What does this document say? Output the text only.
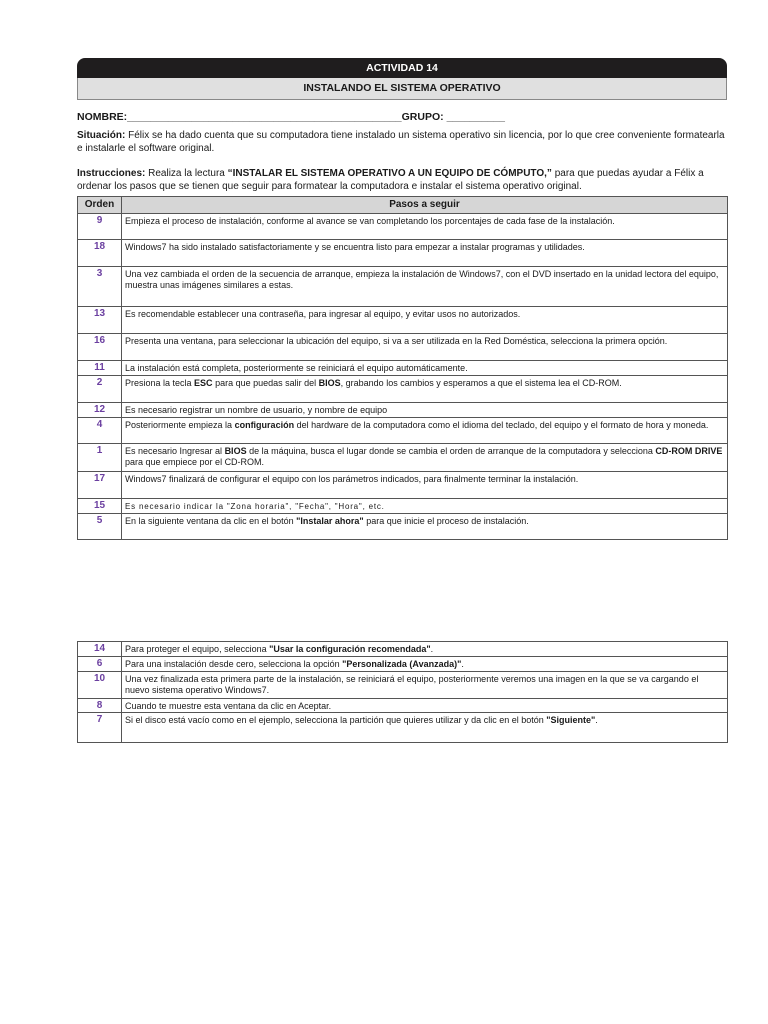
ACTIVIDAD 14
INSTALANDO EL SISTEMA OPERATIVO
NOMBRE:_______________________________________________GRUPO: __________
Situación: Félix se ha dado cuenta que su computadora tiene instalado un sistema operativo sin licencia, por lo que cree conveniente formatearla e instalarle el software original.
Instrucciones: Realiza la lectura “INSTALAR EL SISTEMA OPERATIVO A UN EQUIPO DE CÓMPUTO,” para que puedas ayudar a Félix a ordenar los pasos que se tienen que seguir para formatear la computadora e instalar el sistema operativo original.
Orden	Pasos a seguir
9	Empieza el proceso de instalación, conforme al avance se van completando los porcentajes de cada fase de la instalación.
18	Windows7 ha sido instalado satisfactoriamente y se encuentra listo para empezar a instalar programas y utilidades.
3	Una vez cambiada el orden de la secuencia de arranque, empieza la instalación de Windows7, con el DVD insertado en la unidad lectora del equipo, muestra unas imágenes similares a estas.
13	Es recomendable establecer una contraseña, para ingresar al equipo, y evitar usos no autorizados.
16	Presenta una ventana, para seleccionar la ubicación del equipo, si va a ser utilizada en la Red Doméstica, selecciona la primera opción.
11	La instalación está completa, posteriormente se reiniciará el equipo automáticamente.
2	Presiona la tecla ESC para que puedas salir del BIOS, grabando los cambios y esperamos a que el sistema lea el CD-ROM.
12	Es necesario registrar un nombre de usuario, y nombre de equipo
4	Posteriormente empieza la configuración del hardware de la computadora como el idioma del teclado, del equipo y el formato de hora y moneda.
1	Es necesario Ingresar al BIOS de la máquina, busca el lugar donde se cambia el orden de arranque de la computadora y selecciona CD-ROM DRIVE para que empiece por el CD-ROM.
17	Windows7 finalizará de configurar el equipo con los parámetros indicados, para finalmente terminar la instalación.
15	Es necesario indicar la "Zona horaria", "Fecha", "Hora", etc.
5	En la siguiente ventana da clic en el botón "Instalar ahora" para que inicie el proceso de instalación.
14	Para proteger el equipo, selecciona "Usar la configuración recomendada".
6	Para una instalación desde cero, selecciona la opción "Personalizada (Avanzada)".
10	Una vez finalizada esta primera parte de la instalación, se reiniciará el equipo, posteriormente veremos una imagen en la que se va cargando el nuevo sistema operativo Windows7.
8	Cuando te muestre esta ventana da clic en Aceptar.
7	Si el disco está vacío como en el ejemplo, selecciona la partición que quieres utilizar y da clic en el botón "Siguiente".
